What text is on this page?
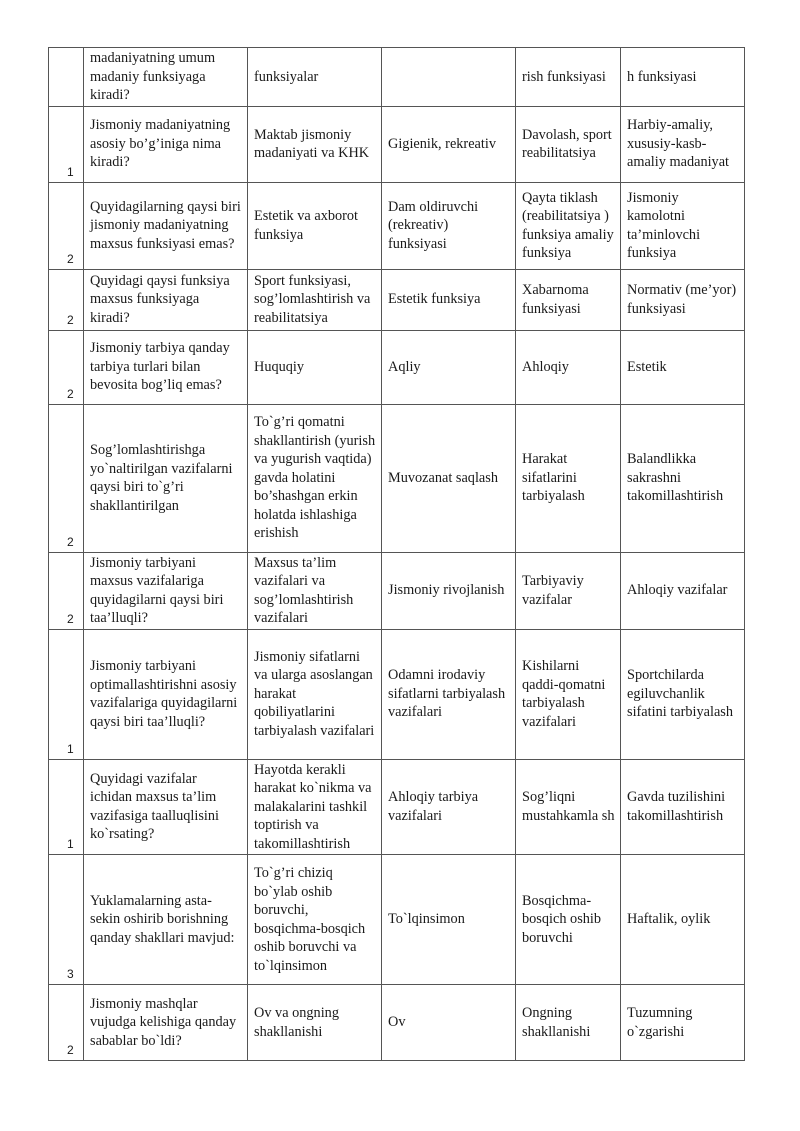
	madaniyatning umum madaniy funksiyaga kiradi?	funksiyalar		rish funksiyasi	h funksiyasi
1	Jismoniy madaniyatning asosiy bo’g’iniga nima kiradi?	Maktab jismoniy madaniyati va KHK	Gigienik, rekreativ	Davolash, sport reabilitatsiya	Harbiy-amaliy, xususiy-kasb-amaliy madaniyat
2	Quyidagilarning qaysi biri jismoniy madaniyatning maxsus funksiyasi emas?	Estetik va axborot funksiya	Dam oldiruvchi (rekreativ) funksiyasi	Qayta tiklash (reabilitatsiya ) funksiya amaliy funksiya	Jismoniy kamolotni ta’minlovchi funksiya
2	Quyidagi qaysi funksiya maxsus funksiyaga kiradi?	Sport funksiyasi, sog’lomlashtirish va reabilitatsiya	Estetik funksiya	Xabarnoma funksiyasi	Normativ (me’yor) funksiyasi
2	Jismoniy tarbiya qanday tarbiya turlari bilan bevosita bog’liq emas?	Huquqiy	Aqliy	Ahloqiy	Estetik
2	Sog’lomlashtirishga yo`naltirilgan vazifalarni qaysi biri to`g’ri shakllantirilgan	To`g’ri qomatni shakllantirish (yurish va yugurish vaqtida) gavda holatini bo’shashgan erkin holatda ishlashiga erishish	Muvozanat saqlash	Harakat sifatlarini tarbiyalash	Balandlikka sakrashni takomillashtirish
2	Jismoniy tarbiyani maxsus vazifalariga quyidagilarni qaysi biri taa’lluqli?	Maxsus ta’lim vazifalari va sog’lomlashtirish vazifalari	Jismoniy rivojlanish	Tarbiyaviy vazifalar	Ahloqiy vazifalar
1	Jismoniy tarbiyani optimallashtirishni asosiy vazifalariga quyidagilarni qaysi biri taa’lluqli?	Jismoniy sifatlarni va ularga asoslangan harakat qobiliyatlarini tarbiyalash vazifalari	Odamni irodaviy sifatlarni tarbiyalash vazifalari	Kishilarni qaddi-qomatni tarbiyalash vazifalari	Sportchilarda egiluvchanlik sifatini tarbiyalash
1	Quyidagi vazifalar ichidan maxsus ta’lim vazifasiga taalluqlisini ko`rsating?	Hayotda kerakli harakat ko`nikma va malakalarini tashkil toptirish va takomillashtirish	Ahloqiy tarbiya vazifalari	Sog’liqni mustahkamla sh	Gavda tuzilishini takomillashtirish
3	Yuklamalarning asta-sekin oshirib borishning qanday shakllari mavjud:	To`g’ri chiziq bo`ylab oshib boruvchi, bosqichma-bosqich oshib boruvchi va to`lqinsimon	To`lqinsimon	Bosqichma-bosqich oshib boruvchi	Haftalik, oylik
2	Jismoniy mashqlar vujudga kelishiga qanday sabablar bo`ldi?	Ov va ongning shakllanishi	Ov	Ongning shakllanishi	Tuzumning o`zgarishi
